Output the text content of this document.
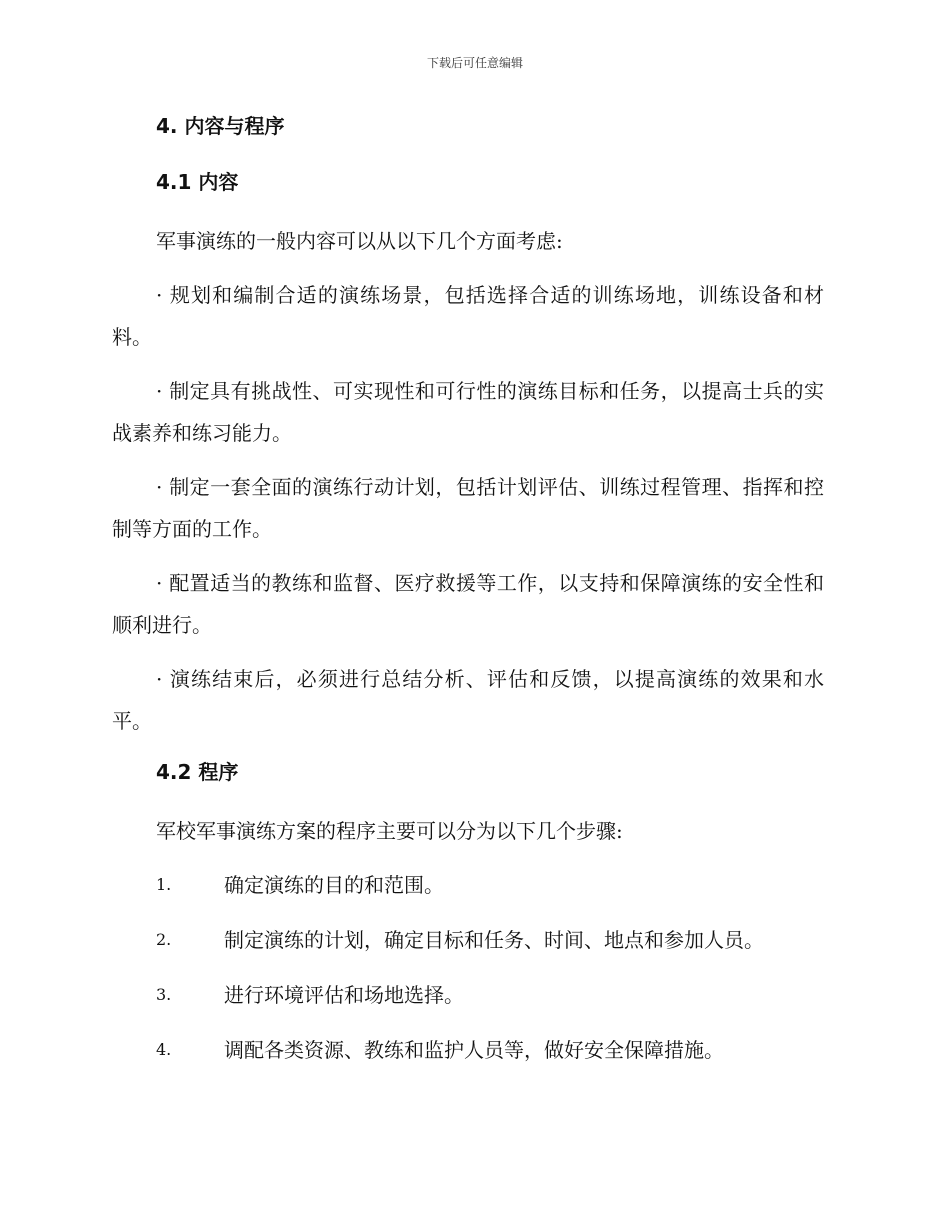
下载后可任意编辑
4. 内容与程序
4.1 内容
军事演练的一般内容可以从以下几个方面考虑:
· 规划和编制合适的演练场景，包括选择合适的训练场地，训练设备和材料。
· 制定具有挑战性、可实现性和可行性的演练目标和任务，以提高士兵的实战素养和练习能力。
· 制定一套全面的演练行动计划，包括计划评估、训练过程管理、指挥和控制等方面的工作。
· 配置适当的教练和监督、医疗救援等工作，以支持和保障演练的安全性和顺利进行。
· 演练结束后，必须进行总结分析、评估和反馈，以提高演练的效果和水平。
4.2 程序
军校军事演练方案的程序主要可以分为以下几个步骤:
1.	确定演练的目的和范围。
2.	制定演练的计划，确定目标和任务、时间、地点和参加人员。
3.	进行环境评估和场地选择。
4.	调配各类资源、教练和监护人员等，做好安全保障措施。
